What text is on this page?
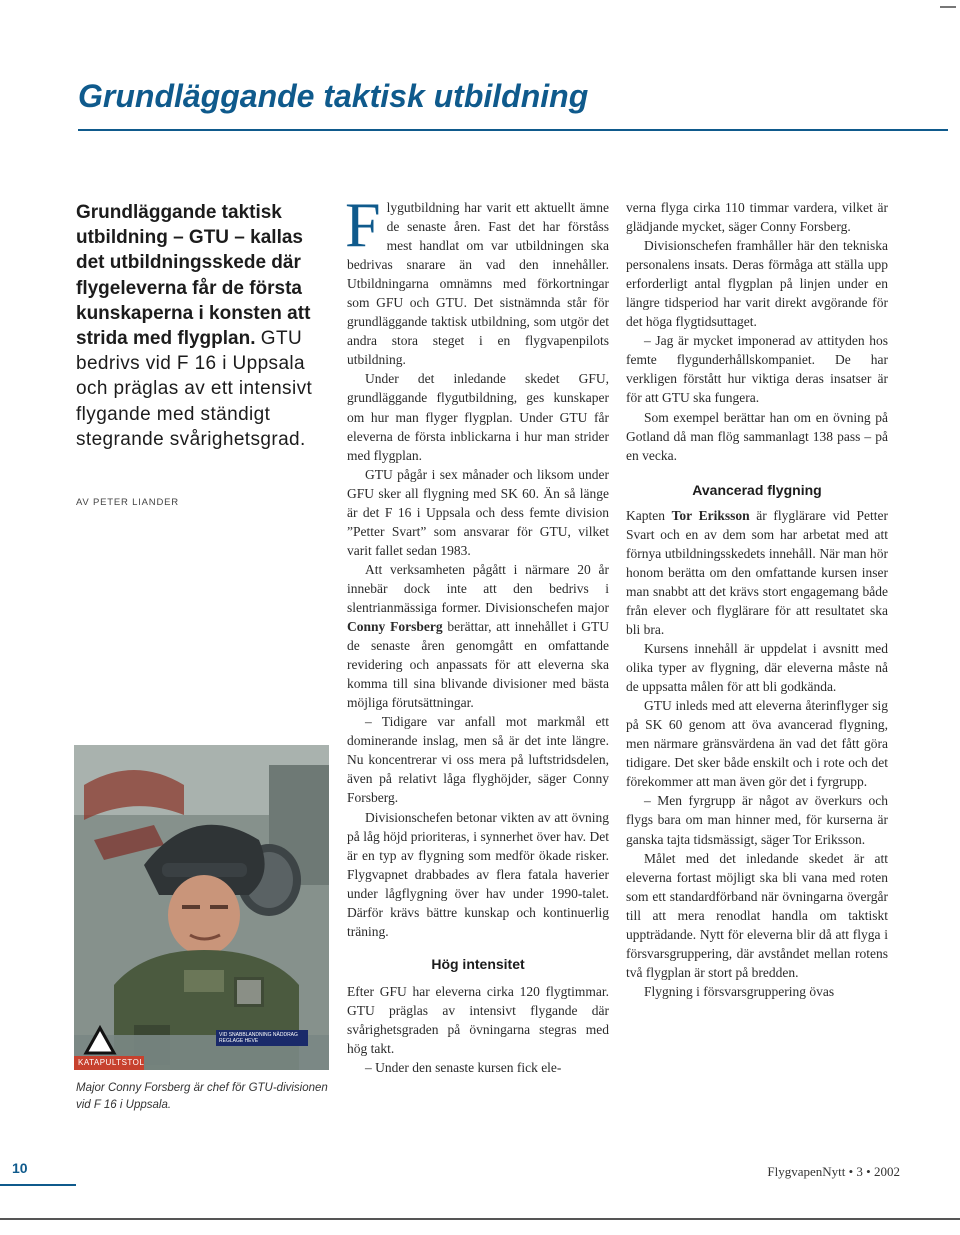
Grundläggande taktisk utbildning

Grundläggande taktisk utbildning – GTU – kallas det utbildningsskede där flygeleverna får de första kunskaperna i konsten att strida med flygplan. GTU bedrivs vid F 16 i Uppsala och präglas av ett intensivt flygande med ständigt stegrande svårighetsgrad.

AV PETER LIANDER
VID SNABBLANDNING NÄDDRAG REGLAGE HEVE
KATAPULTSTOL

Major Conny Forsberg är chef för GTU-divisionen vid F 16 i Uppsala.

Flygutbildning har varit ett aktuellt ämne de senaste åren. Fast det har förståss mest handlat om var utbildningen ska bedrivas snarare än vad den innehåller. Utbildningarna omnämns med förkortningar som GFU och GTU. Det sistnämnda står för grundläggande taktisk utbildning, som utgör det andra stora steget i en flygvapenpilots utbildning.

Under det inledande skedet GFU, grundläggande flygutbildning, ges kunskaper om hur man flyger flygplan. Under GTU får eleverna de första inblickarna i hur man strider med flygplan.

GTU pågår i sex månader och liksom under GFU sker all flygning med SK 60. Än så länge är det F 16 i Uppsala och dess femte division ”Petter Svart” som ansvarar för GTU, vilket varit fallet sedan 1983.

Att verksamheten pågått i närmare 20 år innebär dock inte att den bedrivs i slentrianmässiga former. Divisionschefen major Conny Forsberg berättar, att innehållet i GTU de senaste åren genomgått en omfattande revidering och anpassats för att eleverna ska komma till sina blivande divisioner med bästa möjliga förutsättningar.

– Tidigare var anfall mot markmål ett dominerande inslag, men så är det inte längre. Nu koncentrerar vi oss mera på luftstridsdelen, även på relativt låga flyghöjder, säger Conny Forsberg.

Divisionschefen betonar vikten av att övning på låg höjd prioriteras, i synnerhet över hav. Det är en typ av flygning som medför ökade risker. Flygvapnet drabbades av flera fatala haverier under lågflygning över hav under 1990-talet. Därför krävs bättre kunskap och kontinuerlig träning.

Hög intensitet

Efter GFU har eleverna cirka 120 flygtimmar. GTU präglas av intensivt flygande där svårighetsgraden på övningarna stegras med hög takt.

– Under den senaste kursen fick ele-

verna flyga cirka 110 timmar vardera, vilket är glädjande mycket, säger Conny Forsberg.

Divisionschefen framhåller här den tekniska personalens insats. Deras förmåga att ställa upp erforderligt antal flygplan på linjen under en längre tidsperiod har varit direkt avgörande för det höga flygtidsuttaget.

– Jag är mycket imponerad av attityden hos femte flygunderhållskompaniet. De har verkligen förstått hur viktiga deras insatser är för att GTU ska fungera.

Som exempel berättar han om en övning på Gotland då man flög sammanlagt 138 pass – på en vecka.

Avancerad flygning

Kapten Tor Eriksson är flyglärare vid Petter Svart och en av dem som har arbetat med att förnya utbildningsskedets innehåll. När man hör honom berätta om den omfattande kursen inser man snabbt att det krävs stort engagemang både från elever och flyglärare för att resultatet ska bli bra.

Kursens innehåll är uppdelat i avsnitt med olika typer av flygning, där eleverna måste nå de uppsatta målen för att bli godkända.

GTU inleds med att eleverna återinflyger sig på SK 60 genom att öva avancerad flygning, men närmare gränsvärdena än vad det fått göra tidigare. Det sker både enskilt och i rote och det förekommer att man även gör det i fyrgrupp.

– Men fyrgrupp är något av överkurs och flygs bara om man hinner med, för kurserna är ganska tajta tidsmässigt, säger Tor Eriksson.

Målet med det inledande skedet är att eleverna fortast möjligt ska bli vana med roten som ett standardförband när övningarna övergår till att mera renodlat handla om taktiskt uppträdande. Nytt för eleverna blir då att flyga i försvarsgruppering, där avståndet mellan rotens två flygplan är stort på bredden.

Flygning i försvarsgruppering övas

10	FlygvapenNytt • 3 • 2002
